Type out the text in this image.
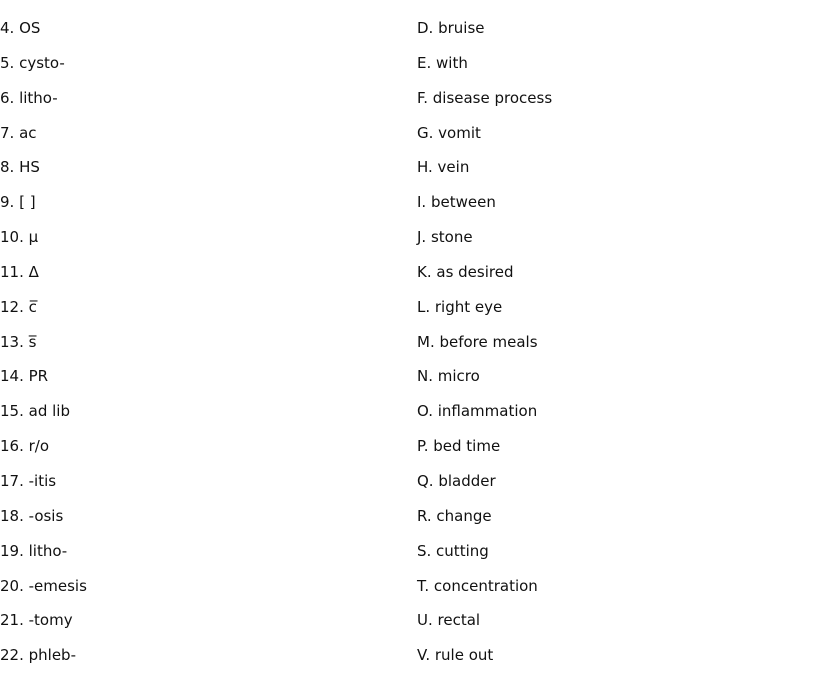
4. OS	D. bruise
5. cysto-	E. with
6. litho-	F. disease process
7. ac	G. vomit
8. HS	H. vein
9. [ ]	I. between
10. μ	J. stone
11. Δ	K. as desired
12. c̅	L. right eye
13. s̅	M. before meals
14. PR	N. micro
15. ad lib	O. inflammation
16. r/o	P. bed time
17. -itis	Q. bladder
18. -osis	R. change
19. litho-	S. cutting
20. -emesis	T. concentration
21. -tomy	U. rectal
22. phleb-	V. rule out
